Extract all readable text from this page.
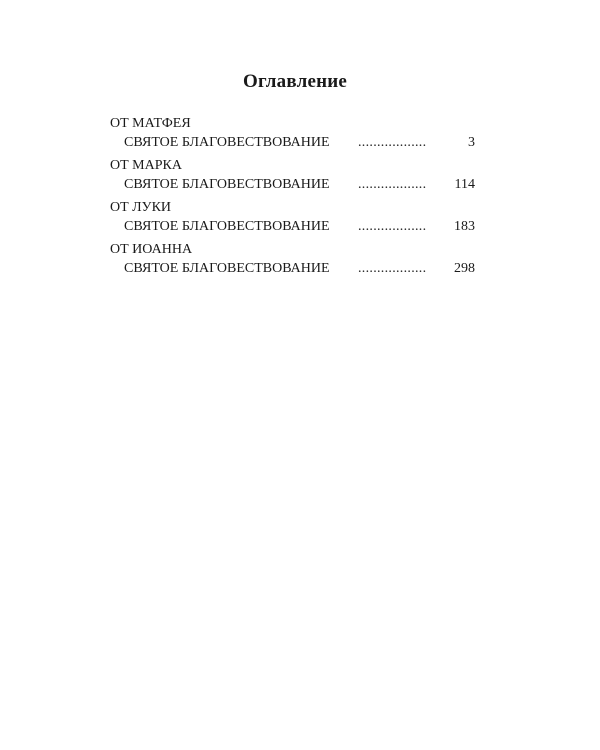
Оглавление
ОТ МАТФЕЯ
СВЯТОЕ БЛАГОВЕСТВОВАНИЕ ..................	3
ОТ МАРКА
СВЯТОЕ БЛАГОВЕСТВОВАНИЕ .................. 114
ОТ ЛУКИ
СВЯТОЕ БЛАГОВЕСТВОВАНИЕ .................. 183
ОТ ИОАННА
СВЯТОЕ БЛАГОВЕСТВОВАНИЕ .................. 298
